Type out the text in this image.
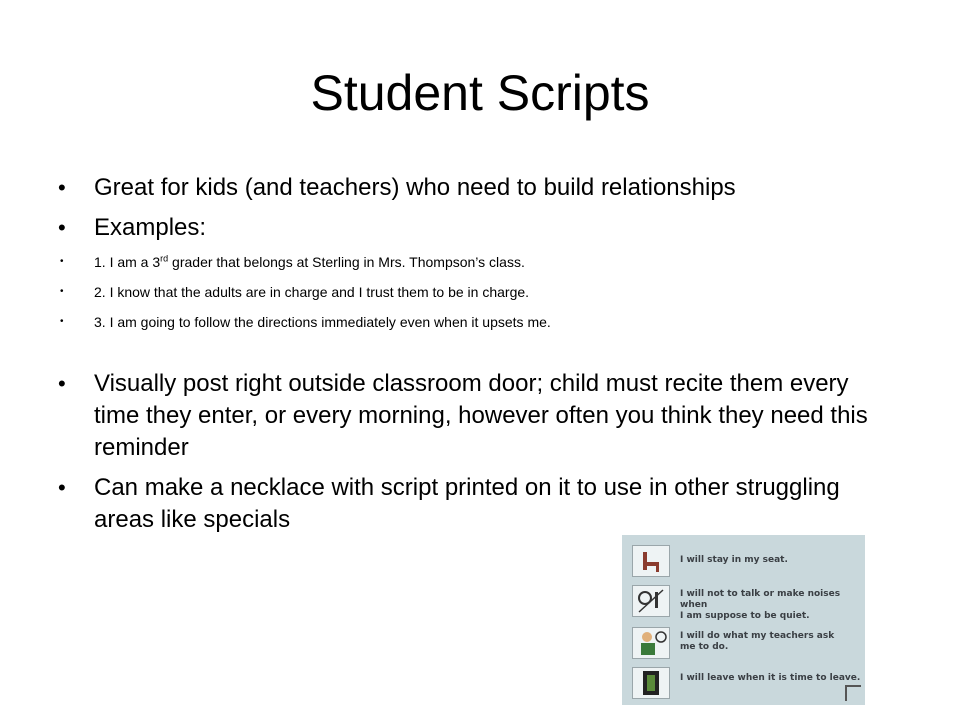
Student Scripts
• Great for kids (and teachers) who need to build relationships
• Examples:
• 1. I am a 3rd grader that belongs at Sterling in Mrs. Thompson’s class.
• 2. I know that the adults are in charge and I trust them to be in charge.
• 3. I am going to follow the directions immediately even when it upsets me.
• Visually post right outside classroom door; child must recite them every time they enter, or every morning, however often you think they need this reminder
• Can make a necklace with script printed on it to use in other struggling areas like specials
I will stay in my seat.
I will not to talk or make noises when
I am suppose to be quiet.
I will do what my teachers ask
me to do.
I will leave when it is time to leave.
